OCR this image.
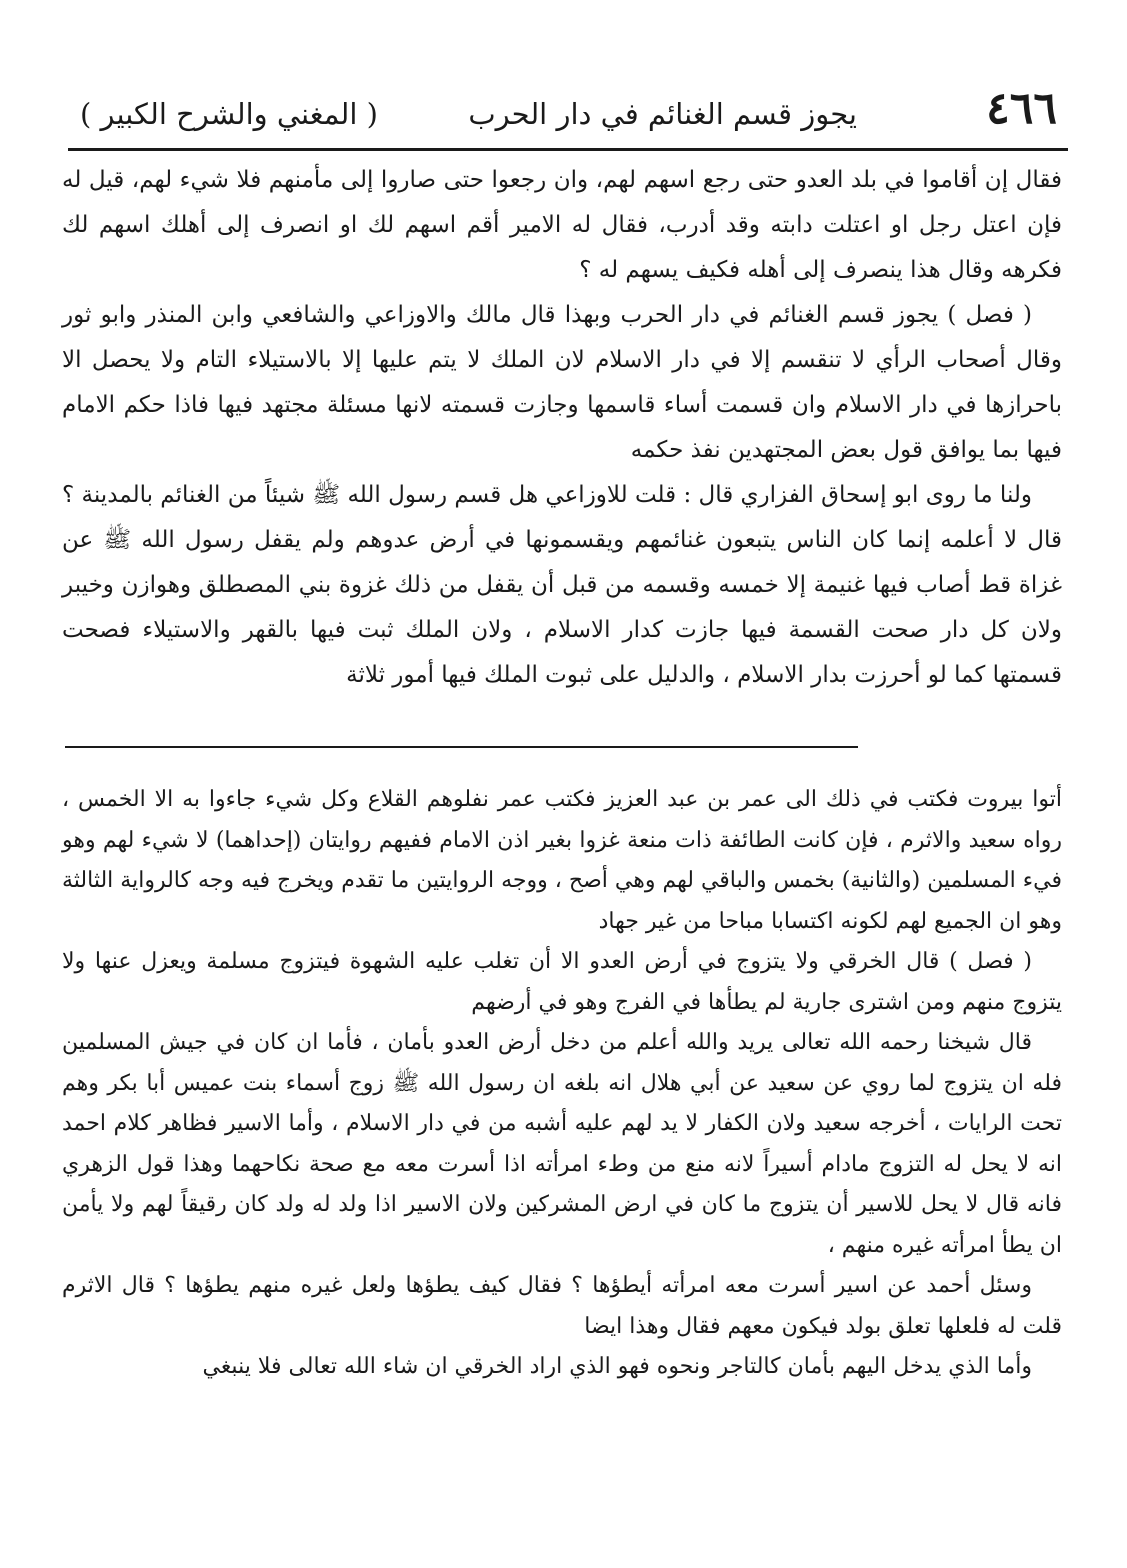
٤٦٦
يجوز قسم الغنائم في دار الحرب
( المغني والشرح الكبير )

فقال إن أقاموا في بلد العدو حتى رجع اسهم لهم، وان رجعوا حتى صاروا إلى مأمنهم فلا شيء لهم، قيل له فإن اعتل رجل او اعتلت دابته وقد أدرب، فقال له الامير أقم اسهم لك او انصرف إلى أهلك اسهم لك فكرهه وقال هذا ينصرف إلى أهله فكيف يسهم له ؟

( فصل ) يجوز قسم الغنائم في دار الحرب وبهذا قال مالك والاوزاعي والشافعي وابن المنذر وابو ثور وقال أصحاب الرأي لا تنقسم إلا في دار الاسلام لان الملك لا يتم عليها إلا بالاستيلاء التام ولا يحصل الا باحرازها في دار الاسلام وان قسمت أساء قاسمها وجازت قسمته لانها مسئلة مجتهد فيها فاذا حكم الامام فيها بما يوافق قول بعض المجتهدين نفذ حكمه

ولنا ما روى ابو إسحاق الفزاري قال : قلت للاوزاعي هل قسم رسول الله ﷺ شيئاً من الغنائم بالمدينة ؟ قال لا أعلمه إنما كان الناس يتبعون غنائمهم ويقسمونها في أرض عدوهم ولم يقفل رسول الله ﷺ عن غزاة قط أصاب فيها غنيمة إلا خمسه وقسمه من قبل أن يقفل من ذلك غزوة بني المصطلق وهوازن وخيبر ولان كل دار صحت القسمة فيها جازت كدار الاسلام ، ولان الملك ثبت فيها بالقهر والاستيلاء فصحت قسمتها كما لو أحرزت بدار الاسلام ، والدليل على ثبوت الملك فيها أمور ثلاثة

أتوا بيروت فكتب في ذلك الى عمر بن عبد العزيز فكتب عمر نفلوهم القلاع وكل شيء جاءوا به الا الخمس ، رواه سعيد والاثرم ، فإن كانت الطائفة ذات منعة غزوا بغير اذن الامام ففيهم روايتان (إحداهما) لا شيء لهم وهو فيء المسلمين (والثانية) بخمس والباقي لهم وهي أصح ، ووجه الروايتين ما تقدم ويخرج فيه وجه كالرواية الثالثة وهو ان الجميع لهم لكونه اكتسابا مباحا من غير جهاد

( فصل ) قال الخرقي ولا يتزوج في أرض العدو الا أن تغلب عليه الشهوة فيتزوج مسلمة ويعزل عنها ولا يتزوج منهم ومن اشترى جارية لم يطأها في الفرج وهو في أرضهم

قال شيخنا رحمه الله تعالى يريد والله أعلم من دخل أرض العدو بأمان ، فأما ان كان في جيش المسلمين فله ان يتزوج لما روي عن سعيد عن أبي هلال انه بلغه ان رسول الله ﷺ زوج أسماء بنت عميس أبا بكر وهم تحت الرايات ، أخرجه سعيد ولان الكفار لا يد لهم عليه أشبه من في دار الاسلام ، وأما الاسير فظاهر كلام احمد انه لا يحل له التزوج مادام أسيراً لانه منع من وطء امرأته اذا أسرت معه مع صحة نكاحهما وهذا قول الزهري فانه قال لا يحل للاسير أن يتزوج ما كان في ارض المشركين ولان الاسير اذا ولد له ولد كان رقيقاً لهم ولا يأمن ان يطأ امرأته غيره منهم ،

وسئل أحمد عن اسير أسرت معه امرأته أيطؤها ؟ فقال كيف يطؤها ولعل غيره منهم يطؤها ؟ قال الاثرم قلت له فلعلها تعلق بولد فيكون معهم فقال وهذا ايضا

وأما الذي يدخل اليهم بأمان كالتاجر ونحوه فهو الذي اراد الخرقي ان شاء الله تعالى فلا ينبغي
